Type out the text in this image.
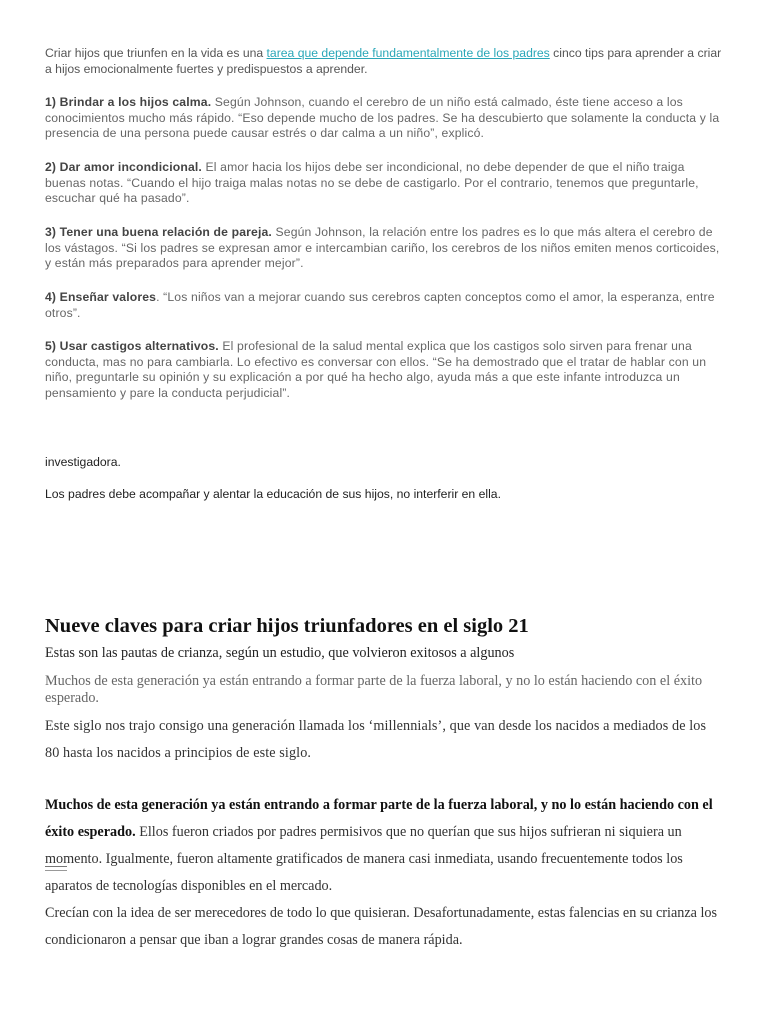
Criar hijos que triunfen en la vida es una tarea que depende fundamentalmente de los padres cinco tips para aprender a criar a hijos emocionalmente fuertes y predispuestos a aprender.

1) Brindar a los hijos calma. Según Johnson, cuando el cerebro de un niño está calmado, éste tiene acceso a los conocimientos mucho más rápido. “Eso depende mucho de los padres. Se ha descubierto que solamente la conducta y la presencia de una persona puede causar estrés o dar calma a un niño”, explicó.

2) Dar amor incondicional. El amor hacia los hijos debe ser incondicional, no debe depender de que el niño traiga buenas notas. “Cuando el hijo traiga malas notas no se debe de castigarlo. Por el contrario, tenemos que preguntarle, escuchar qué ha pasado”.

3) Tener una buena relación de pareja. Según Johnson, la relación entre los padres es lo que más altera el cerebro de los vástagos. “Si los padres se expresan amor e intercambian cariño, los cerebros de los niños emiten menos corticoides, y están más preparados para aprender mejor”.

4) Enseñar valores. “Los niños van a mejorar cuando sus cerebros capten conceptos como el amor, la esperanza, entre otros”.

5) Usar castigos alternativos. El profesional de la salud mental explica que los castigos solo sirven para frenar una conducta, mas no para cambiarla. Lo efectivo es conversar con ellos. “Se ha demostrado que el tratar de hablar con un niño, preguntarle su opinión y su explicación a por qué ha hecho algo, ayuda más a que este infante introduzca un pensamiento y pare la conducta perjudicial”.

investigadora.

Los padres debe acompañar y alentar la educación de sus hijos, no interferir en ella.

Nueve claves para criar hijos triunfadores en el siglo 21

Estas son las pautas de crianza, según un estudio, que volvieron exitosos a algunos

Muchos de esta generación ya están entrando a formar parte de la fuerza laboral, y no lo están haciendo con el éxito esperado.

Este siglo nos trajo consigo una generación llamada los ‘millennials’, que van desde los nacidos a mediados de los 80 hasta los nacidos a principios de este siglo.

Muchos de esta generación ya están entrando a formar parte de la fuerza laboral, y no lo están haciendo con el éxito esperado. Ellos fueron criados por padres permisivos que no querían que sus hijos sufrieran ni siquiera un momento. Igualmente, fueron altamente gratificados de manera casi inmediata, usando frecuentemente todos los aparatos de tecnologías disponibles en el mercado.

Crecían con la idea de ser merecedores de todo lo que quisieran. Desafortunadamente, estas falencias en su crianza los condicionaron a pensar que iban a lograr grandes cosas de manera rápida.
